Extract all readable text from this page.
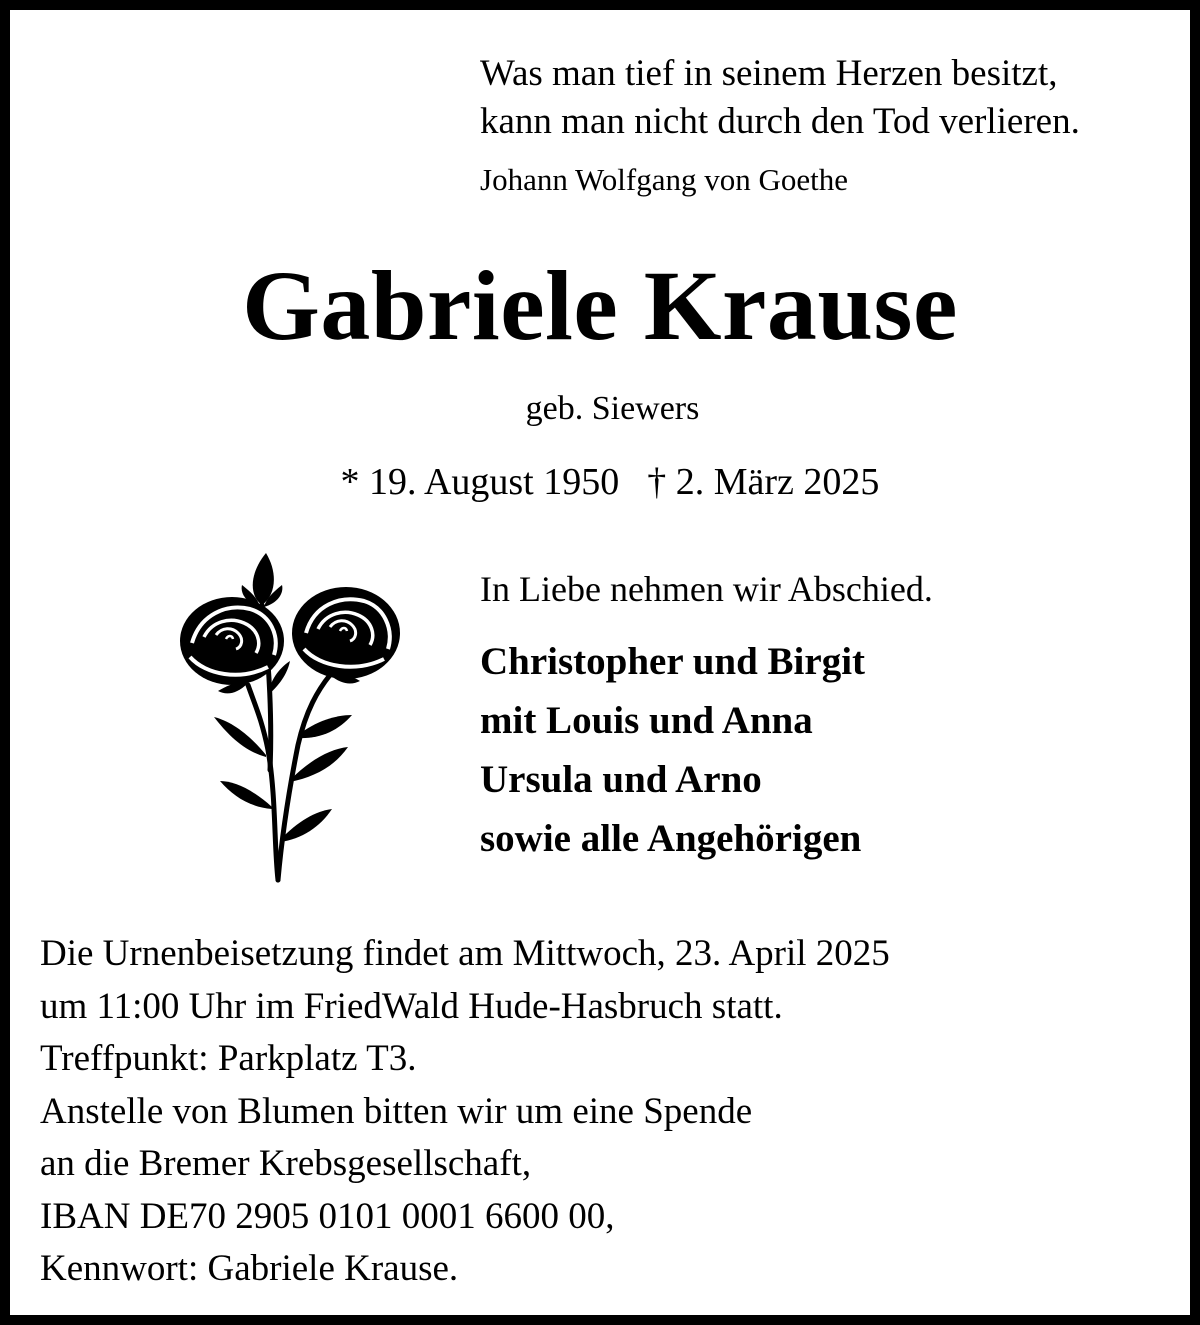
Was man tief in seinem Herzen besitzt,
kann man nicht durch den Tod verlieren.
Johann Wolfgang von Goethe
Gabriele Krause
geb. Siewers
* 19. August 1950 † 2. März 2025
In Liebe nehmen wir Abschied.
Christopher und Birgit
mit Louis und Anna
Ursula und Arno
sowie alle Angehörigen
Die Urnenbeisetzung findet am Mittwoch, 23. April 2025
um 11:00 Uhr im FriedWald Hude-Hasbruch statt.
Treffpunkt: Parkplatz T3.
Anstelle von Blumen bitten wir um eine Spende
an die Bremer Krebsgesellschaft,
IBAN DE70 2905 0101 0001 6600 00,
Kennwort: Gabriele Krause.
